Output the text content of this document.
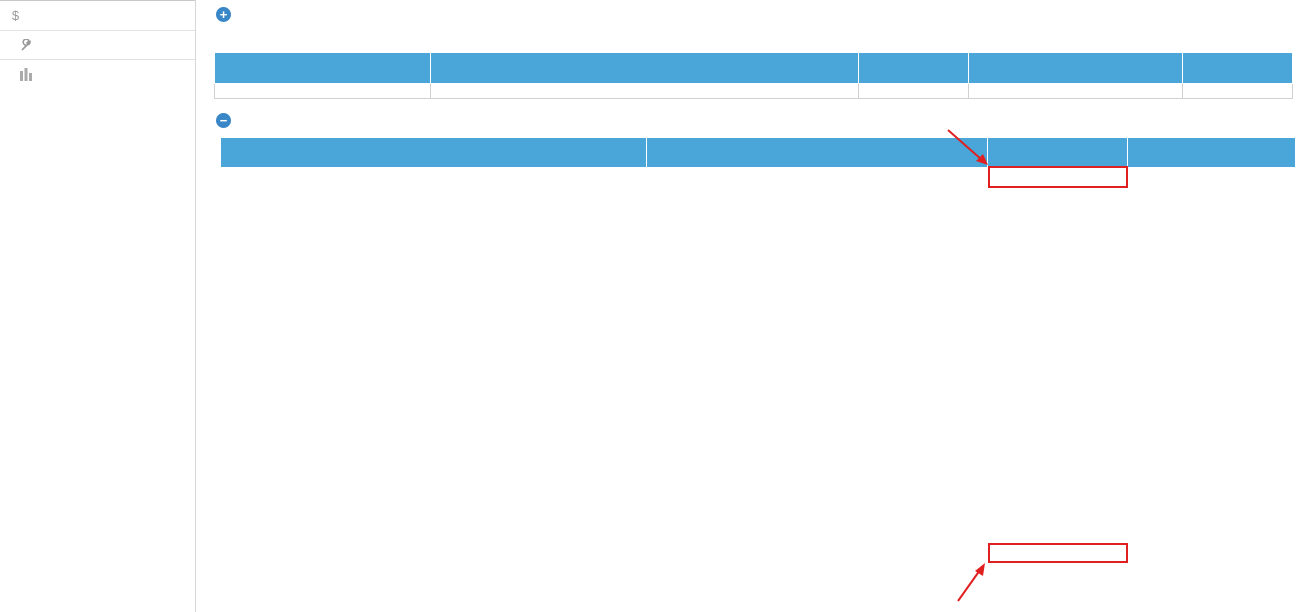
$	+

−
